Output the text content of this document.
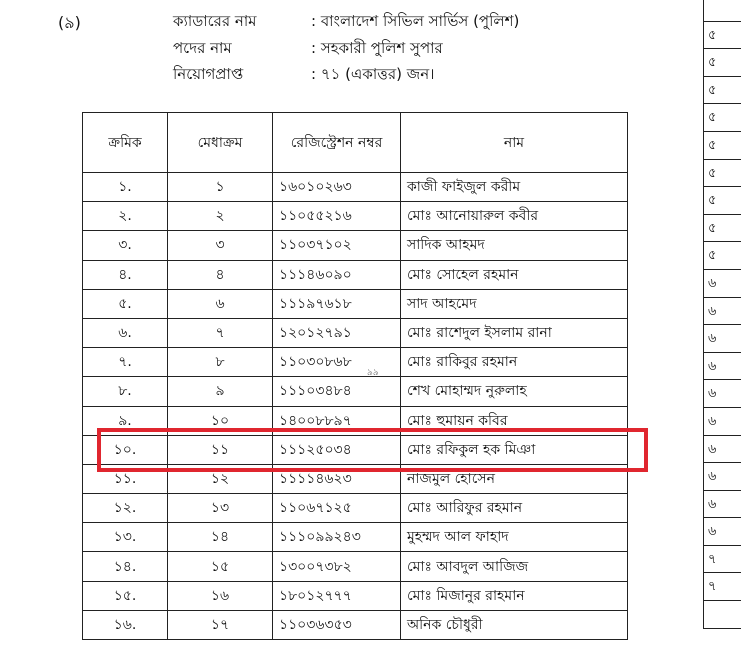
(৯)	ক্যাডারের নাম	: বাংলাদেশ সিভিল সার্ভিস (পুলিশ)
পদের নাম	: সহকারী পুলিশ সুপার
নিয়োগপ্রাপ্ত	: ৭১ (একাত্তর) জন।
ক্রমিক	মেধাক্রম	রেজিস্ট্রেশন নম্বর	নাম
১.	১	১৬০১০২৬৩	কাজী ফাইজুল করীম
২.	২	১১০৫৫২১৬	মোঃ আনোয়ারুল কবীর
৩.	৩	১১০৩৭১০২	সাদিক আহমদ
৪.	৪	১১১৪৬০৯০	মোঃ সোহেল রহমান
৫.	৬	১১১৯৭৬১৮	সাদ আহমেদ
৬.	৭	১২০১২৭৯১	মোঃ রাশেদুল ইসলাম রানা
৭.	৮	১১০৩০৮৬৮	মোঃ রাকিবুর রহমান
৮.	৯	১১১০৩৪৮৪	শেখ মোহাম্মদ নুরুলাহ
৯.	১০	১৪০০৮৮৯৭	মোঃ হুমায়ন কবির
১০.	১১	১১১২৫০৩৪	মোঃ রফিকুল হক মিঞা
১১.	১২	১১১১৪৬২৩	নাজমুল হোসেন
১২.	১৩	১১০৬৭১২৫	মোঃ আরিফুর রহমান
১৩.	১৪	১১১০৯৯২৪৩	মুহম্মদ আল ফাহাদ
১৪.	১৫	১৩০০৭৩৮২	মোঃ আবদুল আজিজ
১৫.	১৬	১৮০১২৭৭৭	মোঃ মিজানুর রাহমান
১৬.	১৭	১১০৩৬৩৫৩	অনিক চৌধুরী
৯৯
৫
৫
৫
৫
৫
৫
৫
৫
৫
৬
৬
৬
৬
৬
৬
৬
৬
৬
৬
৭
৭
